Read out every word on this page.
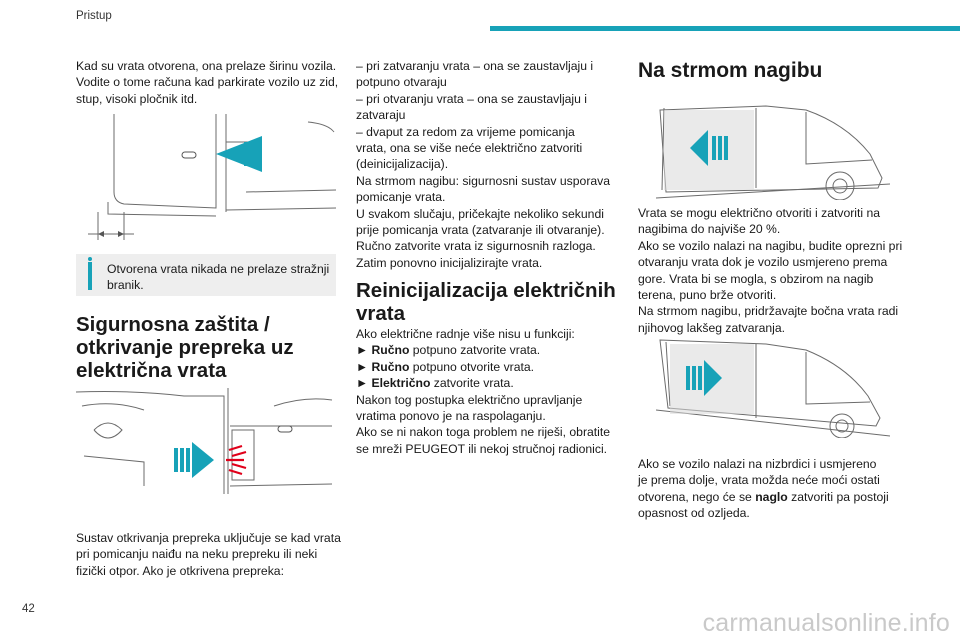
Pristup
42	carmanualsonline.info

Kad su vrata otvorena, ona prelaze širinu vozila.

Vodite o tome računa kad parkirate vozilo uz zid,

stup, visoki pločnik itd.

Otvorena vrata nikada ne prelaze stražnji
branik.
Sigurnosna zaštita /
otkrivanje prepreka uz
električna vrata

Sustav otkrivanja prepreka uključuje se kad vrata

pri pomicanju naiđu na neku prepreku ili neki

fizički otpor. Ako je otkrivena prepreka:

– pri zatvaranju vrata – ona se zaustavljaju i

potpuno otvaraju

– pri otvaranju vrata – ona se zaustavljaju i

zatvaraju

– dvaput za redom za vrijeme pomicanja

vrata, ona se više neće električno zatvoriti

(deinicijalizacija).

Na strmom nagibu: sigurnosni sustav usporava

pomicanje vrata.

U svakom slučaju, pričekajte nekoliko sekundi

prije pomicanja vrata (zatvaranje ili otvaranje).

Ručno zatvorite vrata iz sigurnosnih razloga.

Zatim ponovno inicijalizirajte vrata.

Reinicijalizacija električnih
vrata

Ako električne radnje više nisu u funkciji:

► Ručno potpuno zatvorite vrata.

► Ručno potpuno otvorite vrata.

► Električno zatvorite vrata.

Nakon tog postupka električno upravljanje

vratima ponovo je na raspolaganju.

Ako se ni nakon toga problem ne riješi, obratite

se mreži PEUGEOT ili nekoj stručnoj radionici.

Na strmom nagibu

Vrata se mogu električno otvoriti i zatvoriti na

nagibima do najviše 20 %.

Ako se vozilo nalazi na nagibu, budite oprezni pri

otvaranju vrata dok je vozilo usmjereno prema

gore. Vrata bi se mogla, s obzirom na nagib

terena, puno brže otvoriti.

Na strmom nagibu, pridržavajte bočna vrata radi

njihovog lakšeg zatvaranja.

Ako se vozilo nalazi na nizbrdici i usmjereno

je prema dolje, vrata možda neće moći ostati

otvorena, nego će se naglo zatvoriti pa postoji

opasnost od ozljeda.
